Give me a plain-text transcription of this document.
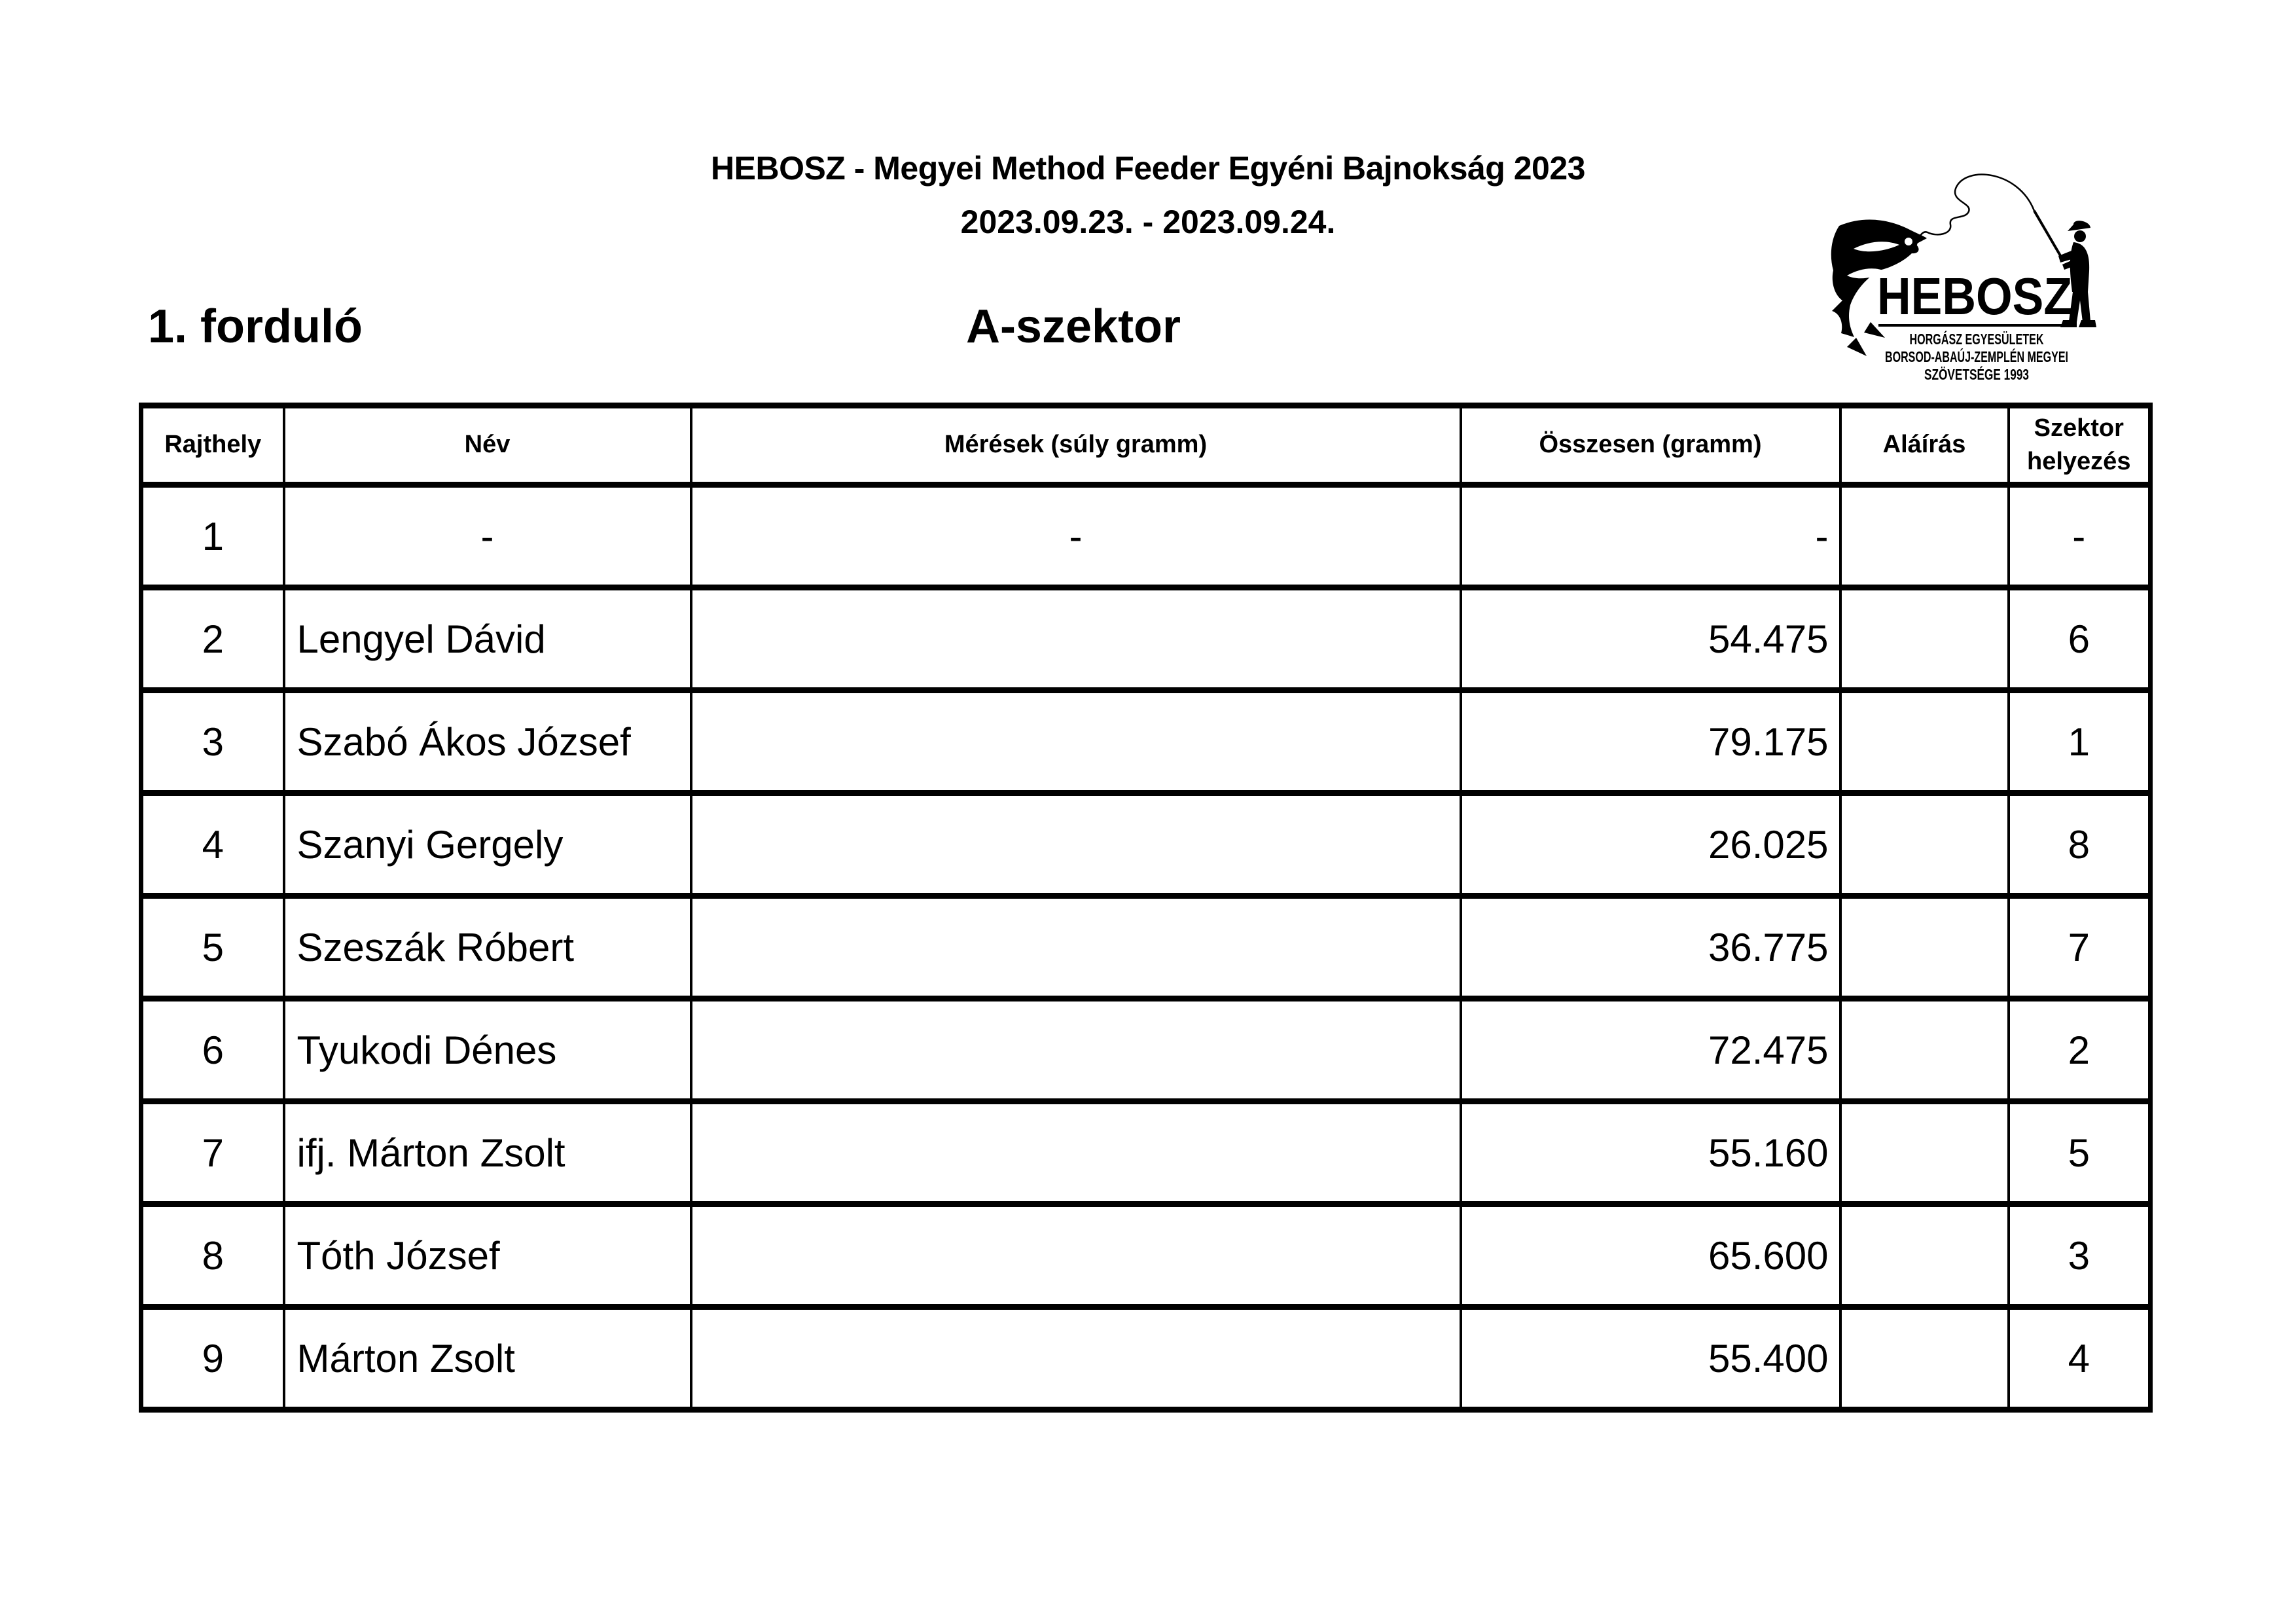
HEBOSZ - Megyei Method Feeder Egyéni Bajnokság 2023
2023.09.23. - 2023.09.24.
HEBOSZ
HORGÁSZ EGYESÜLETEK
BORSOD-ABAÚJ-ZEMPLÉN MEGYEI
SZÖVETSÉGE 1993
1. forduló	A-szektor
Rajthely	Név	Mérések (súly gramm)	Összesen (gramm)	Aláírás	Szektor helyezés
1	-	-	-		-
2	Lengyel Dávid		54.475		6
3	Szabó Ákos József		79.175		1
4	Szanyi Gergely		26.025		8
5	Szeszák Róbert		36.775		7
6	Tyukodi Dénes		72.475		2
7	ifj. Márton Zsolt		55.160		5
8	Tóth József		65.600		3
9	Márton Zsolt		55.400		4
